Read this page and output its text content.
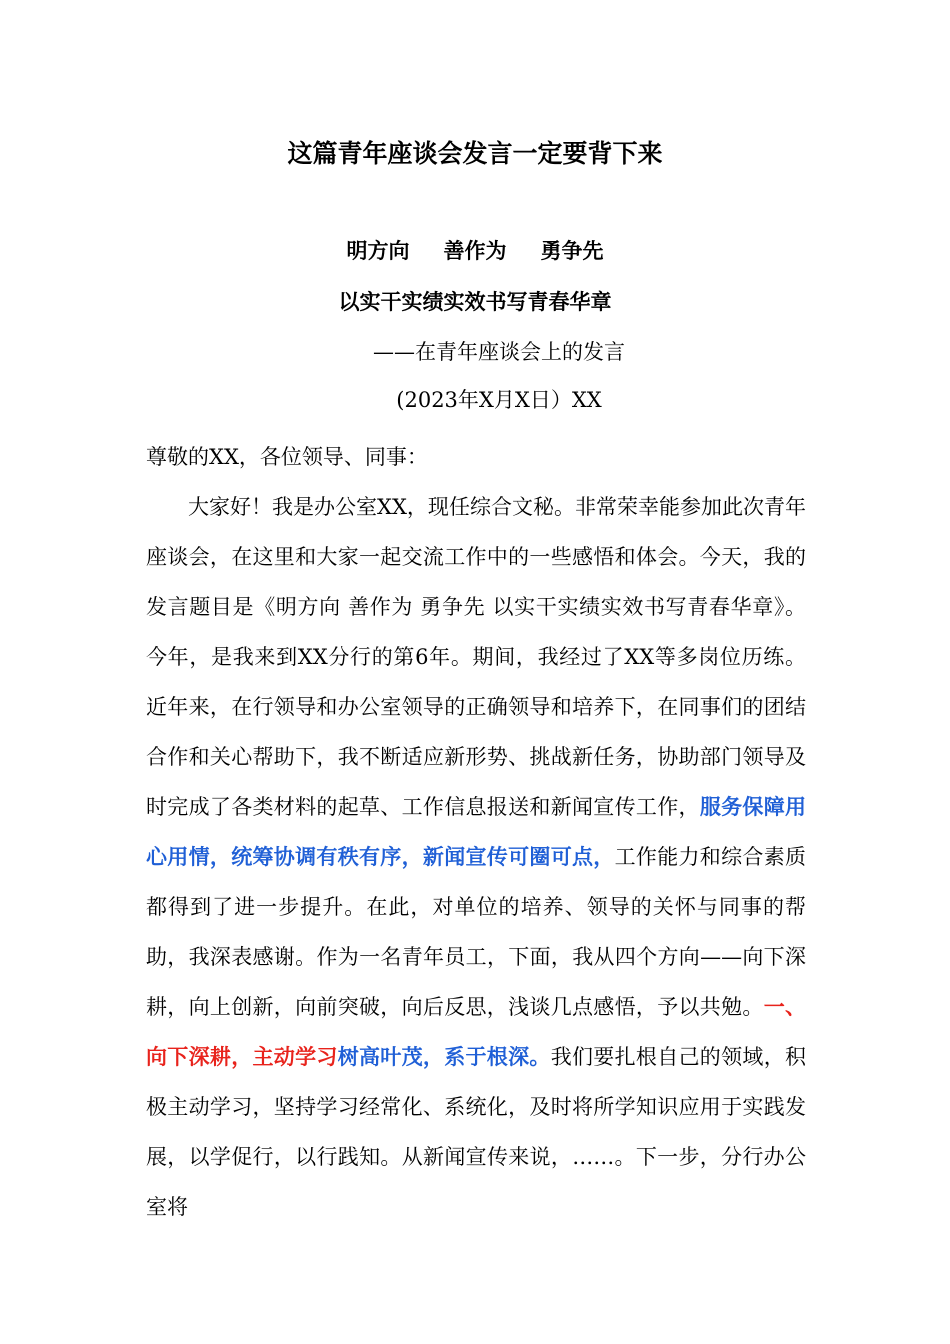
这篇青年座谈会发言一定要背下来
明方向 善作为 勇争先
以实干实绩实效书写青春华章
——在青年座谈会上的发言
(2023年X月X日）XX

尊敬的XX，各位领导、同事：

大家好！我是办公室XX，现任综合文秘。非常荣幸能参加此次青年座谈会，在这里和大家一起交流工作中的一些感悟和体会。今天，我的发言题目是《明方向 善作为 勇争先 以实干实绩实效书写青春华章》。今年，是我来到XX分行的第6年。期间，我经过了XX等多岗位历练。近年来，在行领导和办公室领导的正确领导和培养下，在同事们的团结合作和关心帮助下，我不断适应新形势、挑战新任务，协助部门领导及时完成了各类材料的起草、工作信息报送和新闻宣传工作，服务保障用心用情，统筹协调有秩有序，新闻宣传可圈可点，工作能力和综合素质都得到了进一步提升。在此，对单位的培养、领导的关怀与同事的帮助，我深表感谢。作为一名青年员工，下面，我从四个方向——向下深耕，向上创新，向前突破，向后反思，浅谈几点感悟，予以共勉。一、向下深耕，主动学习树高叶茂，系于根深。我们要扎根自己的领域，积极主动学习，坚持学习经常化、系统化，及时将所学知识应用于实践发展，以学促行，以行践知。从新闻宣传来说，……。下一步，分行办公室将
